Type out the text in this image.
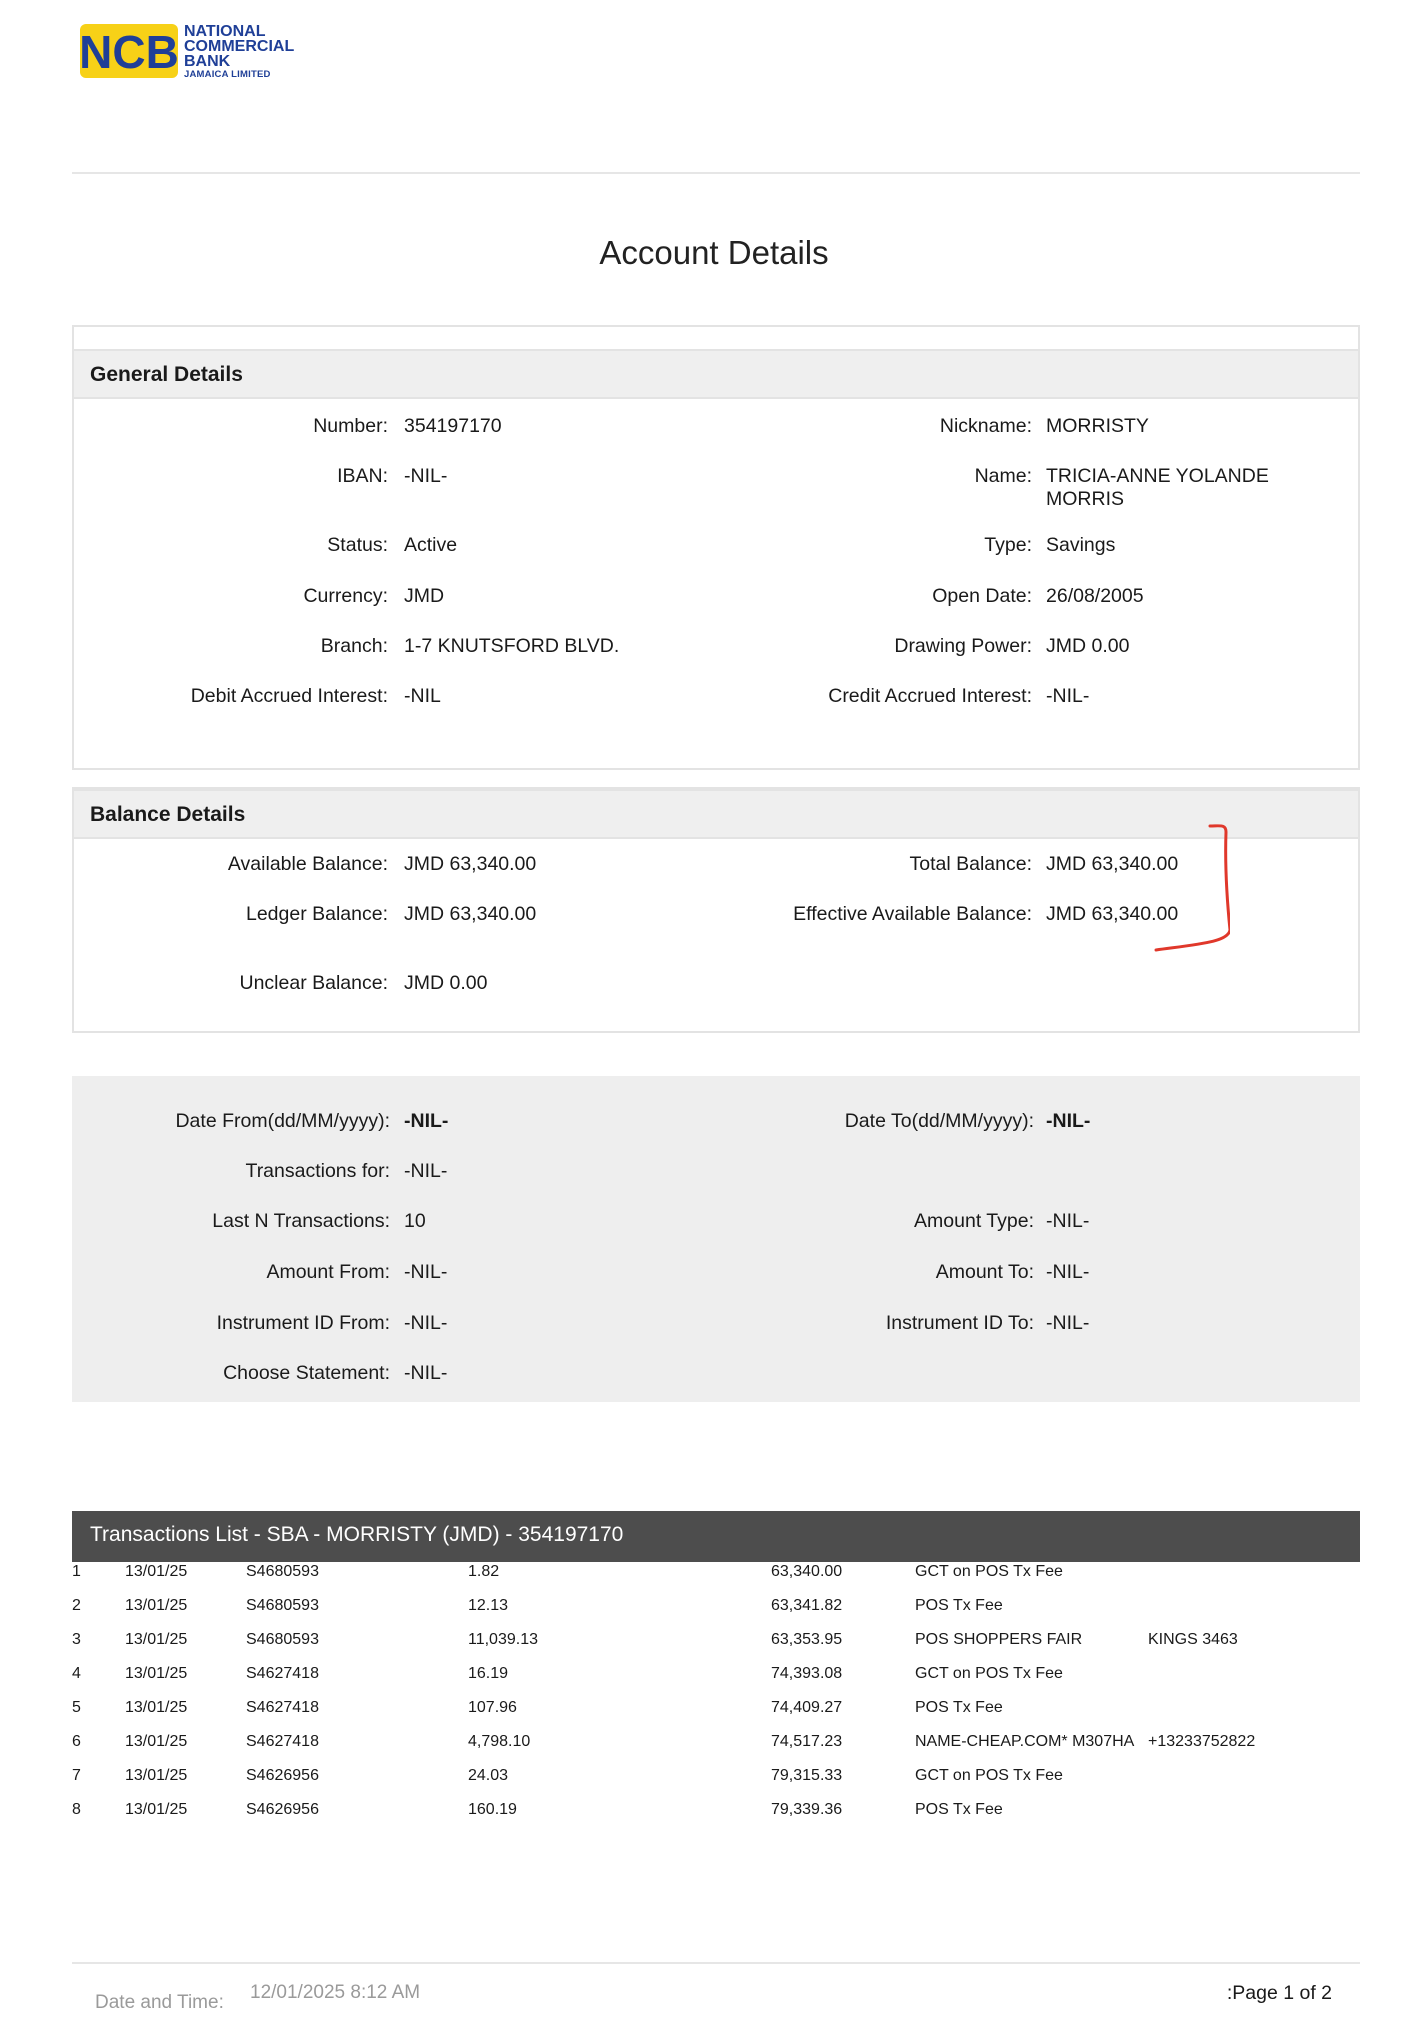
NCB NATIONAL
COMMERCIAL
BANK
JAMAICA LIMITED
Account Details
General Details
Number: 354197170	Nickname: MORRISTY
IBAN: -NIL-	Name: TRICIA-ANNE YOLANDE
MORRIS
Status: Active	Type: Savings
Currency: JMD	Open Date: 26/08/2005
Branch: 1-7 KNUTSFORD BLVD.	Drawing Power: JMD 0.00
Debit Accrued Interest: -NIL	Credit Accrued Interest: -NIL-
Balance Details
Available Balance: JMD 63,340.00	Total Balance: JMD 63,340.00
Ledger Balance: JMD 63,340.00	Effective Available Balance: JMD 63,340.00
Unclear Balance: JMD 0.00
Date From(dd/MM/yyyy): -NIL-	Date To(dd/MM/yyyy): -NIL-
Transactions for: -NIL-
Last N Transactions: 10	Amount Type: -NIL-
Amount From: -NIL-	Amount To: -NIL-
Instrument ID From: -NIL-	Instrument ID To: -NIL-
Choose Statement: -NIL-
Transactions List - SBA - MORRISTY (JMD) - 354197170
1	13/01/25	S4680593	1.82	63,340.00	GCT on POS Tx Fee
2	13/01/25	S4680593	12.13	63,341.82	POS Tx Fee
3	13/01/25	S4680593	11,039.13	63,353.95	POS SHOPPERS FAIR	KINGS 3463
4	13/01/25	S4627418	16.19	74,393.08	GCT on POS Tx Fee
5	13/01/25	S4627418	107.96	74,409.27	POS Tx Fee
6	13/01/25	S4627418	4,798.10	74,517.23	NAME-CHEAP.COM* M307HA +13233752822
7	13/01/25	S4626956	24.03	79,315.33	GCT on POS Tx Fee
8	13/01/25	S4626956	160.19	79,339.36	POS Tx Fee
Date and Time: 12/01/2025 8:12 AM	:Page 1 of 2
